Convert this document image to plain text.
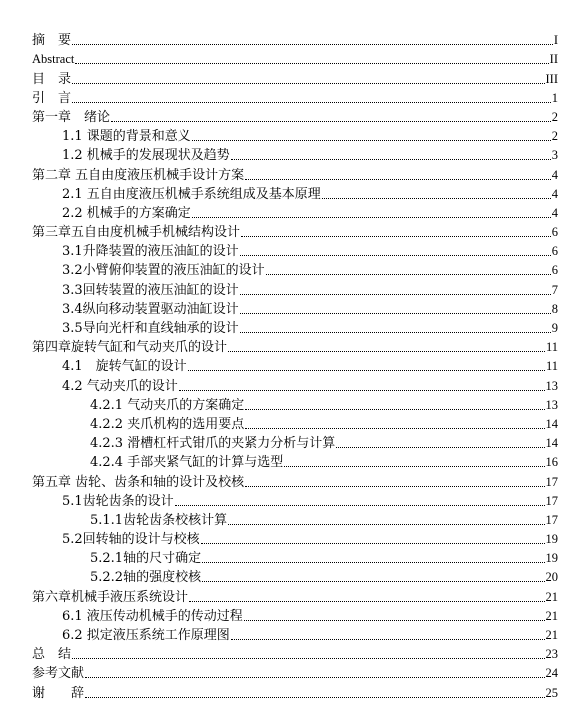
摘　要	I
Abstract	II
目　录	III
引　言	1
第一章　绪论	2
1.1 课题的背景和意义	2
1.2 机械手的发展现状及趋势	3
第二章 五自由度液压机械手设计方案	4
2.1 五自由度液压机械手系统组成及基本原理	4
2.2 机械手的方案确定	4
第三章五自由度机械手机械结构设计	6
3.1升降装置的液压油缸的设计	6
3.2小臂俯仰装置的液压油缸的设计	6
3.3回转装置的液压油缸的设计	7
3.4纵向移动装置驱动油缸设计	8
3.5导向光杆和直线轴承的设计	9
第四章旋转气缸和气动夹爪的设计	11
4.1　旋转气缸的设计	11
4.2 气动夹爪的设计	13
4.2.1 气动夹爪的方案确定	13
4.2.2 夹爪机构的选用要点	14
4.2.3 滑槽杠杆式钳爪的夹紧力分析与计算	14
4.2.4 手部夹紧气缸的计算与选型	16
第五章 齿轮、齿条和轴的设计及校核	17
5.1齿轮齿条的设计	17
5.1.1齿轮齿条校核计算	17
5.2回转轴的设计与校核	19
5.2.1轴的尺寸确定	19
5.2.2轴的强度校核	20
第六章机械手液压系统设计	21
6.1 液压传动机械手的传动过程	21
6.2 拟定液压系统工作原理图	21
总　结	23
参考文献	24
谢　　辞	25
